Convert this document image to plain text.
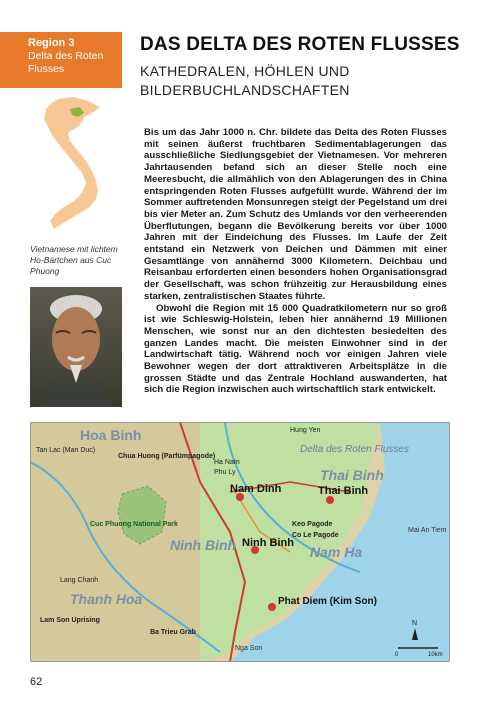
Region 3
Delta des Roten
Flusses
DAS DELTA DES ROTEN FLUSSES
KATHEDRALEN, HÖHLEN UND
BILDERBUCHLANDSCHAFTEN
Vietnamese mit lichtem Ho-Bärtchen aus Cuc Phuong

Bis um das Jahr 1000 n. Chr. bildete das Delta des Roten Flusses mit seinen äußerst fruchtbaren Sedimentablagerungen das ausschließliche Siedlungsgebiet der Vietnamesen. Vor mehreren Jahrtausenden befand sich an dieser Stelle noch eine Meeresbucht, die allmählich von den Ablagerungen des in China entspringenden Roten Flusses aufgefüllt wurde. Während der im Sommer auftretenden Monsunregen steigt der Pegelstand um drei bis vier Meter an. Zum Schutz des Umlands vor den verheerenden Überflutungen, begann die Bevölkerung bereits vor über 1000 Jahren mit der Eindeichung des Flusses. Im Laufe der Zeit entstand ein Netzwerk von Deichen und Dämmen mit einer Gesamtlänge von annähernd 3000 Kilometern. Deichbau und Reisanbau erforderten einen besonders hohen Organisationsgrad der Gesellschaft, was schon frühzeitig zur Herausbildung eines starken, zentralistischen Staates führte.

Obwohl die Region mit 15 000 Quadratkilometern nur so groß ist wie Schleswig-Holstein, leben hier annähernd 19 Millionen Menschen, wie sonst nur an den dichtesten besiedelten des ganzen Landes macht. Die meisten Einwohner sind in der Landwirtschaft tätig. Während noch vor einigen Jahren viele Bewohner wegen der dort attraktiveren Arbeitsplätze in die grossen Städte und das Zentrale Hochland auswanderten, hat sich die Region inzwischen auch wirtschaftlich stark entwickelt.

Hoa Binh
Thai Binh
Nam Ha
Ninh Binh
Thanh Hoa
Delta des Roten Flusses
Nam Dinh
Ninh Binh
Thai Binh
Phat Diem (Kim Son)
Tan Lac (Man Duc)
Chua Huong (Parfümpagode)
Ha Nam
Phu Ly
Cuc Phuong National Park
Lang Chanh
Lam Son Uprising
Ba Trieu Grab
Hung Yen
Keo Pagode
Co Le Pagode
Nga Son
Mai An Tiem
0	10km
N
62
